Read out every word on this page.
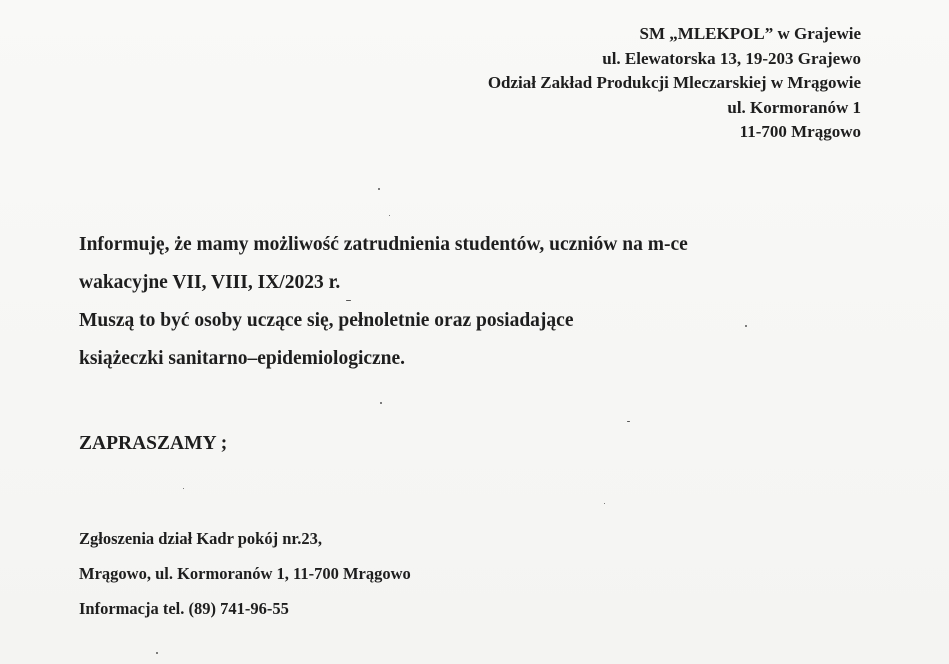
SM „MLEKPOL” w Grajewie
ul. Elewatorska 13, 19-203 Grajewo
Odział Zakład Produkcji Mleczarskiej w Mrągowie
ul. Kormoranów 1
11-700 Mrągowo
Informuję, że mamy możliwość zatrudnienia studentów, uczniów na m-ce
wakacyjne VII, VIII, IX/2023 r.
Muszą to być osoby uczące się, pełnoletnie oraz posiadające
książeczki sanitarno–epidemiologiczne.
ZAPRASZAMY ;
Zgłoszenia dział Kadr pokój nr.23,
Mrągowo, ul. Kormoranów 1, 11-700 Mrągowo
Informacja tel. (89) 741-96-55
